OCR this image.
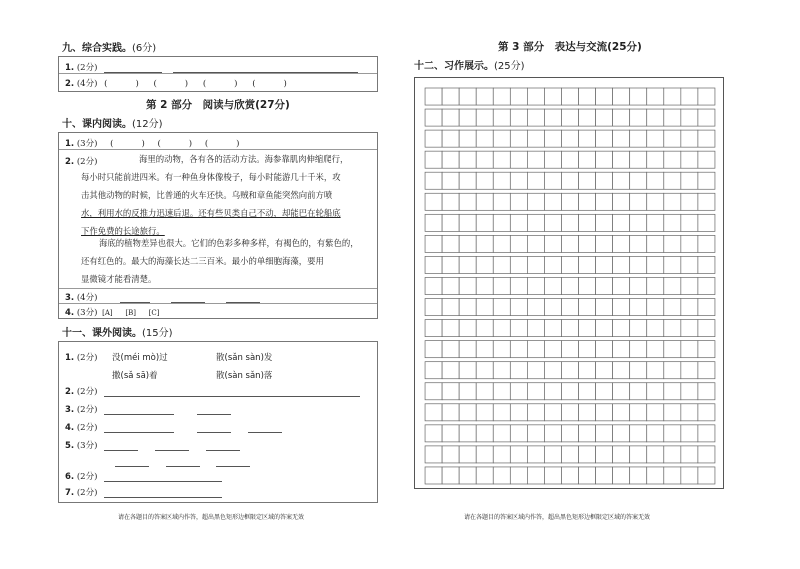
九、综合实践。(6分)
1. (2分)
2. (4分) (	) (	) (	) (	)
第 2 部分　阅读与欣赏(27分)
十、课内阅读。(12分)
1. (3分) (	) (	) (	)
2. (2分)	海里的动物，各有各的活动方法。海参靠肌肉伸缩爬行，
每小时只能前进四米。有一种鱼身体像梭子，每小时能游几十千米，攻
击其他动物的时候，比普通的火车还快。乌贼和章鱼能突然向前方喷
水，利用水的反推力迅速后退。还有些贝类自己不动，却能巴在轮船底
下作免费的长途旅行。
海底的植物差异也很大。它们的色彩多种多样，有褐色的，有紫色的，
还有红色的。最大的海藻长达二三百米。最小的单细胞海藻，要用
显微镜才能看清楚。
3. (4分)
4. (3分) [A] [B] [C]
十一、课外阅读。(15分)
1. (2分) 没(méi mò)过	散(sǎn sàn)发
撒(sǎ sā)着	散(sàn sǎn)落
2. (2分)
3. (2分)
4. (2分)
5. (3分)

6. (2分)
7. (2分)
请在各题目的答案区域内作答，超出黑色矩形边框限定区域的答案无效
第 3 部分　表达与交流(25分)
十二、习作展示。(25分)
请在各题目的答案区域内作答，超出黑色矩形边框限定区域的答案无效
